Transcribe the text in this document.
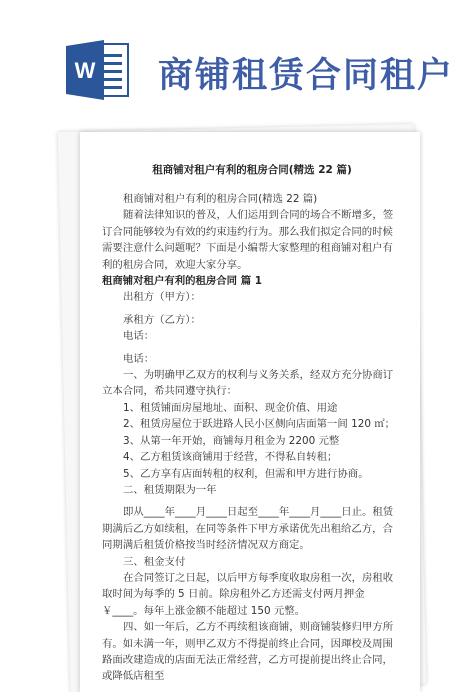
W 商铺租赁合同租户
租商铺对租户有利的租房合同(精选 22 篇)

租商铺对租户有利的租房合同(精选 22 篇)

随着法律知识的普及，人们运用到合同的场合不断增多，签订合同能够较为有效的约束违约行为。那么我们拟定合同的时候需要注意什么问题呢？下面是小编帮大家整理的租商铺对租户有利的租房合同，欢迎大家分享。

租商铺对租户有利的租房合同 篇 1

出租方（甲方）：

承租方（乙方）：

电话：

电话：

一、为明确甲乙双方的权利与义务关系，经双方充分协商订立本合同，希共同遵守执行：

1、租赁铺面房屋地址、面积、现金价值、用途

2、租赁房屋位于跃进路人民小区侧向店面第一间 120 ㎡；

3、从第一年开始，商铺每月租金为 2200 元整

4、乙方租赁该商铺用于经营，不得私自转租；

5、乙方享有店面转租的权利，但需和甲方进行协商。

二、租赁期限为一年

即从____年____月____日起至____年____月____日止。租赁期满后乙方如续租，在同等条件下甲方承诺优先出租给乙方，合同期满后租赁价格按当时经济情况双方商定。

三、租金支付

在合同签订之日起，以后甲方每季度收取房租一次，房租收取时间为每季的 5 日前。除房租外乙方还需支付两月押金￥____。每年上涨金额不能超过 150 元整。

四、如一年后，乙方不再续租该商铺，则商铺装修归甲方所有。如未满一年，则甲乙双方不得提前终止合同，因琿校及周围路面改建造成的店面无法正常经营，乙方可提前提出终止合同，或降低店租至
